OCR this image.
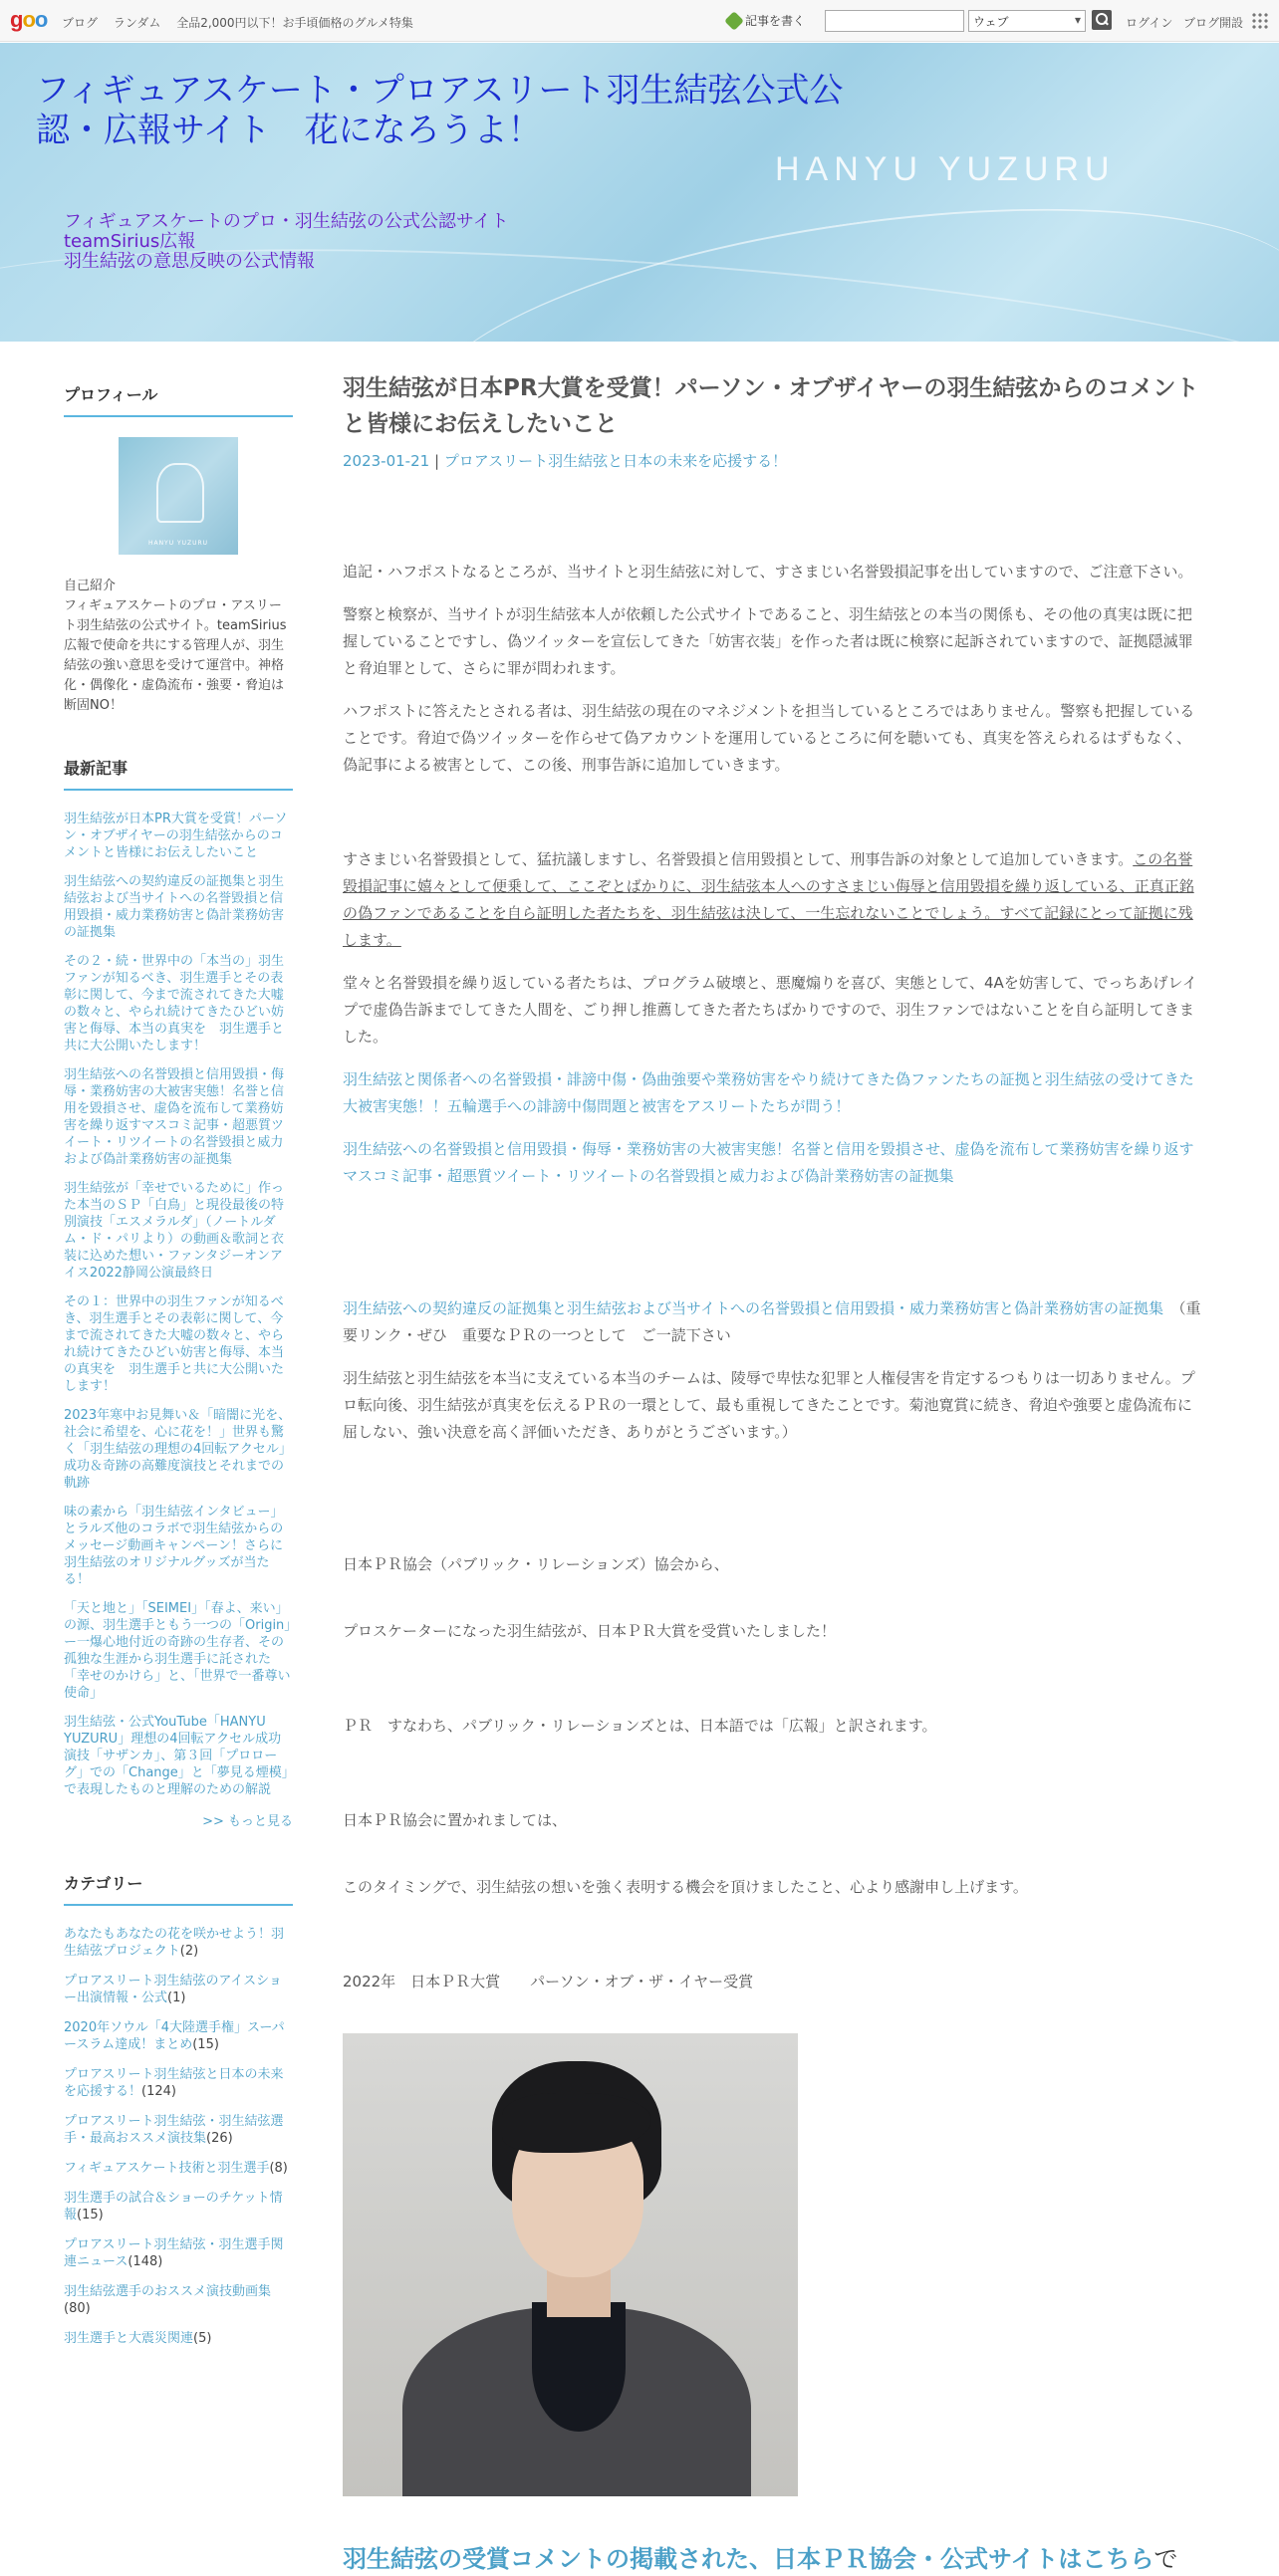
goo ブログ ランダム 全品2,000円以下！お手頃価格のグルメ特集	記事を書く	ウェブ ▾	ログイン ブログ開設
フィギュアスケート・プロアスリート羽生結弦公式公認・広報サイト　花になろうよ！
HANYU YUZURU
フィギュアスケートのプロ・羽生結弦の公式公認サイト
teamSirius広報
羽生結弦の意思反映の公式情報
プロフィール
HANYU YUZURU
自己紹介
フィギュアスケートのプロ・アスリート羽生結弦の公式サイト。teamSirius広報で使命を共にする管理人が、羽生結弦の強い意思を受けて運営中。神格化・偶像化・虚偽流布・強要・脅迫は断固NO！
最新記事
羽生結弦が日本PR大賞を受賞！パーソン・オブザイヤーの羽生結弦からのコメントと皆様にお伝えしたいこと
羽生結弦への契約違反の証拠集と羽生結弦および当サイトへの名誉毀損と信用毀損・威力業務妨害と偽計業務妨害の証拠集
その２・続・世界中の「本当の」羽生ファンが知るべき、羽生選手とその表彰に関して、今まで流されてきた大嘘の数々と、やられ続けてきたひどい妨害と侮辱、本当の真実を　羽生選手と共に大公開いたします！
羽生結弦への名誉毀損と信用毀損・侮辱・業務妨害の大被害実態！名誉と信用を毀損させ、虚偽を流布して業務妨害を繰り返すマスコミ記事・超悪質ツイート・リツイートの名誉毀損と威力および偽計業務妨害の証拠集
羽生結弦が「幸せでいるために」作った本当のＳＰ「白鳥」と現役最後の特別演技「エスメラルダ」（ノートルダム・ド・パリより）の動画＆歌詞と衣装に込めた想い・ファンタジーオンアイス2022静岡公演最終日
その１：世界中の羽生ファンが知るべき、羽生選手とその表彰に関して、今まで流されてきた大嘘の数々と、やられ続けてきたひどい妨害と侮辱、本当の真実を　羽生選手と共に大公開いたします！
2023年寒中お見舞い＆「暗闇に光を、社会に希望を、心に花を！」世界も驚く「羽生結弦の理想の4回転アクセル」成功＆奇跡の高難度演技とそれまでの軌跡
味の素から「羽生結弦インタビュー」とラルズ他のコラボで羽生結弦からのメッセージ動画キャンペーン！さらに羽生結弦のオリジナルグッズが当たる！
「天と地と」「SEIMEI」「春よ、来い」の源、羽生選手ともう一つの「Origin」ー一爆心地付近の奇跡の生存者、その孤独な生涯から羽生選手に託された「幸せのかけら」と、「世界で一番尊い使命」
羽生結弦・公式YouTube「HANYU YUZURU」理想の4回転アクセル成功演技「サザンカ」、第３回「プロローグ」での「Change」と「夢見る煙模」で表現したものと理解のための解説
>> もっと見る
カテゴリー
あなたもあなたの花を咲かせよう！羽生結弦プロジェクト(2)
プロアスリート羽生結弦のアイスショー出演情報・公式(1)
2020年ソウル「4大陸選手権」スーパースラム達成！まとめ(15)
プロアスリート羽生結弦と日本の未来を応援する！(124)
プロアスリート羽生結弦・羽生結弦選手・最高おススメ演技集(26)
フィギュアスケート技術と羽生選手(8)
羽生選手の試合＆ショーのチケット情報(15)
プロアスリート羽生結弦・羽生選手関連ニュース(148)
羽生結弦選手のおススメ演技動画集(80)
羽生選手と大震災関連(5)
羽生結弦が日本PR大賞を受賞！パーソン・オブザイヤーの羽生結弦からのコメントと皆様にお伝えしたいこと
2023-01-21 | プロアスリート羽生結弦と日本の未来を応援する！

追記・ハフポストなるところが、当サイトと羽生結弦に対して、すさまじい名誉毀損記事を出していますので、ご注意下さい。

警察と検察が、当サイトが羽生結弦本人が依頼した公式サイトであること、羽生結弦との本当の関係も、その他の真実は既に把握していることですし、偽ツイッターを宣伝してきた「妨害衣装」を作った者は既に検察に起訴されていますので、証拠隠滅罪と脅迫罪として、さらに罪が問われます。

ハフポストに答えたとされる者は、羽生結弦の現在のマネジメントを担当しているところではありません。警察も把握していることです。脅迫で偽ツイッターを作らせて偽アカウントを運用しているところに何を聴いても、真実を答えられるはずもなく、偽記事による被害として、この後、刑事告訴に追加していきます。

すさまじい名誉毀損として、猛抗議しますし、名誉毀損と信用毀損として、刑事告訴の対象として追加していきます。この名誉毀損記事に嬉々として便乗して、ここぞとばかりに、羽生結弦本人へのすさまじい侮辱と信用毀損を繰り返している、正真正銘の偽ファンであることを自ら証明した者たちを、羽生結弦は決して、一生忘れないことでしょう。すべて記録にとって証拠に残します。

堂々と名誉毀損を繰り返している者たちは、プログラム破壊と、悪魔煽りを喜び、実態として、4Aを妨害して、でっちあげレイプで虚偽告訴までしてきた人間を、ごり押し推薦してきた者たちばかりですので、羽生ファンではないことを自ら証明してきました。

羽生結弦と関係者への名誉毀損・誹謗中傷・偽曲強要や業務妨害をやり続けてきた偽ファンたちの証拠と羽生結弦の受けてきた大被害実態！！五輪選手への誹謗中傷問題と被害をアスリートたちが問う！

羽生結弦への名誉毀損と信用毀損・侮辱・業務妨害の大被害実態！名誉と信用を毀損させ、虚偽を流布して業務妨害を繰り返すマスコミ記事・超悪質ツイート・リツイートの名誉毀損と威力および偽計業務妨害の証拠集

羽生結弦への契約違反の証拠集と羽生結弦および当サイトへの名誉毀損と信用毀損・威力業務妨害と偽計業務妨害の証拠集　（重要リンク・ぜひ　重要なＰＲの一つとして　ご一読下さい

羽生結弦と羽生結弦を本当に支えている本当のチームは、陵辱で卑怯な犯罪と人権侵害を肯定するつもりは一切ありません。プロ転向後、羽生結弦が真実を伝えるＰＲの一環として、最も重視してきたことです。菊池寛賞に続き、脅迫や強要と虚偽流布に屈しない、強い決意を高く評価いただき、ありがとうございます。）

日本ＰＲ協会（パブリック・リレーションズ）協会から、

プロスケーターになった羽生結弦が、日本ＰＲ大賞を受賞いたしました！

ＰＲ　すなわち、パブリック・リレーションズとは、日本語では「広報」と訳されます。

日本ＰＲ協会に置かれましては、

このタイミングで、羽生結弦の想いを強く表明する機会を頂けましたこと、心より感謝申し上げます。

2022年　日本ＰＲ大賞　　パーソン・オブ・ザ・イヤー受賞

羽生結弦の受賞コメントの掲載された、日本ＰＲ協会・公式サイトはこちらで
